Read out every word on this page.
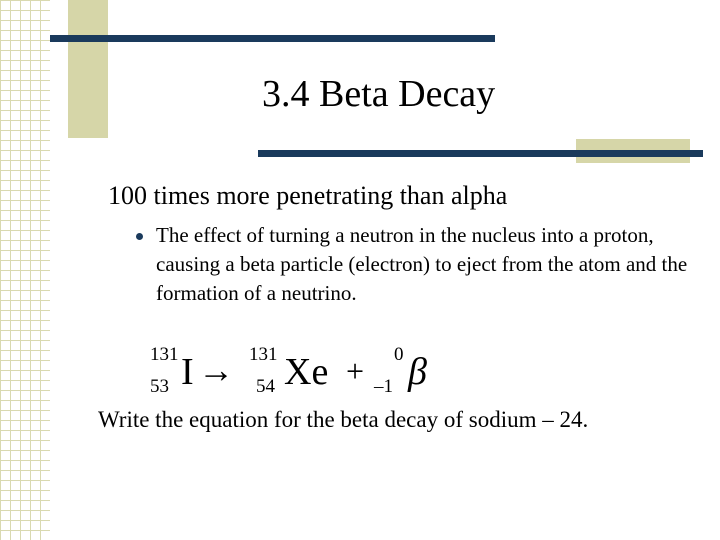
3.4 Beta Decay
100 times more penetrating than alpha
The effect of turning a neutron in the nucleus into a proton, causing a beta particle (electron) to eject from the atom and the formation of a neutrino.
131
53 I → 131
54 Xe + 0
–1 β
Write the equation for the beta decay of sodium – 24.
